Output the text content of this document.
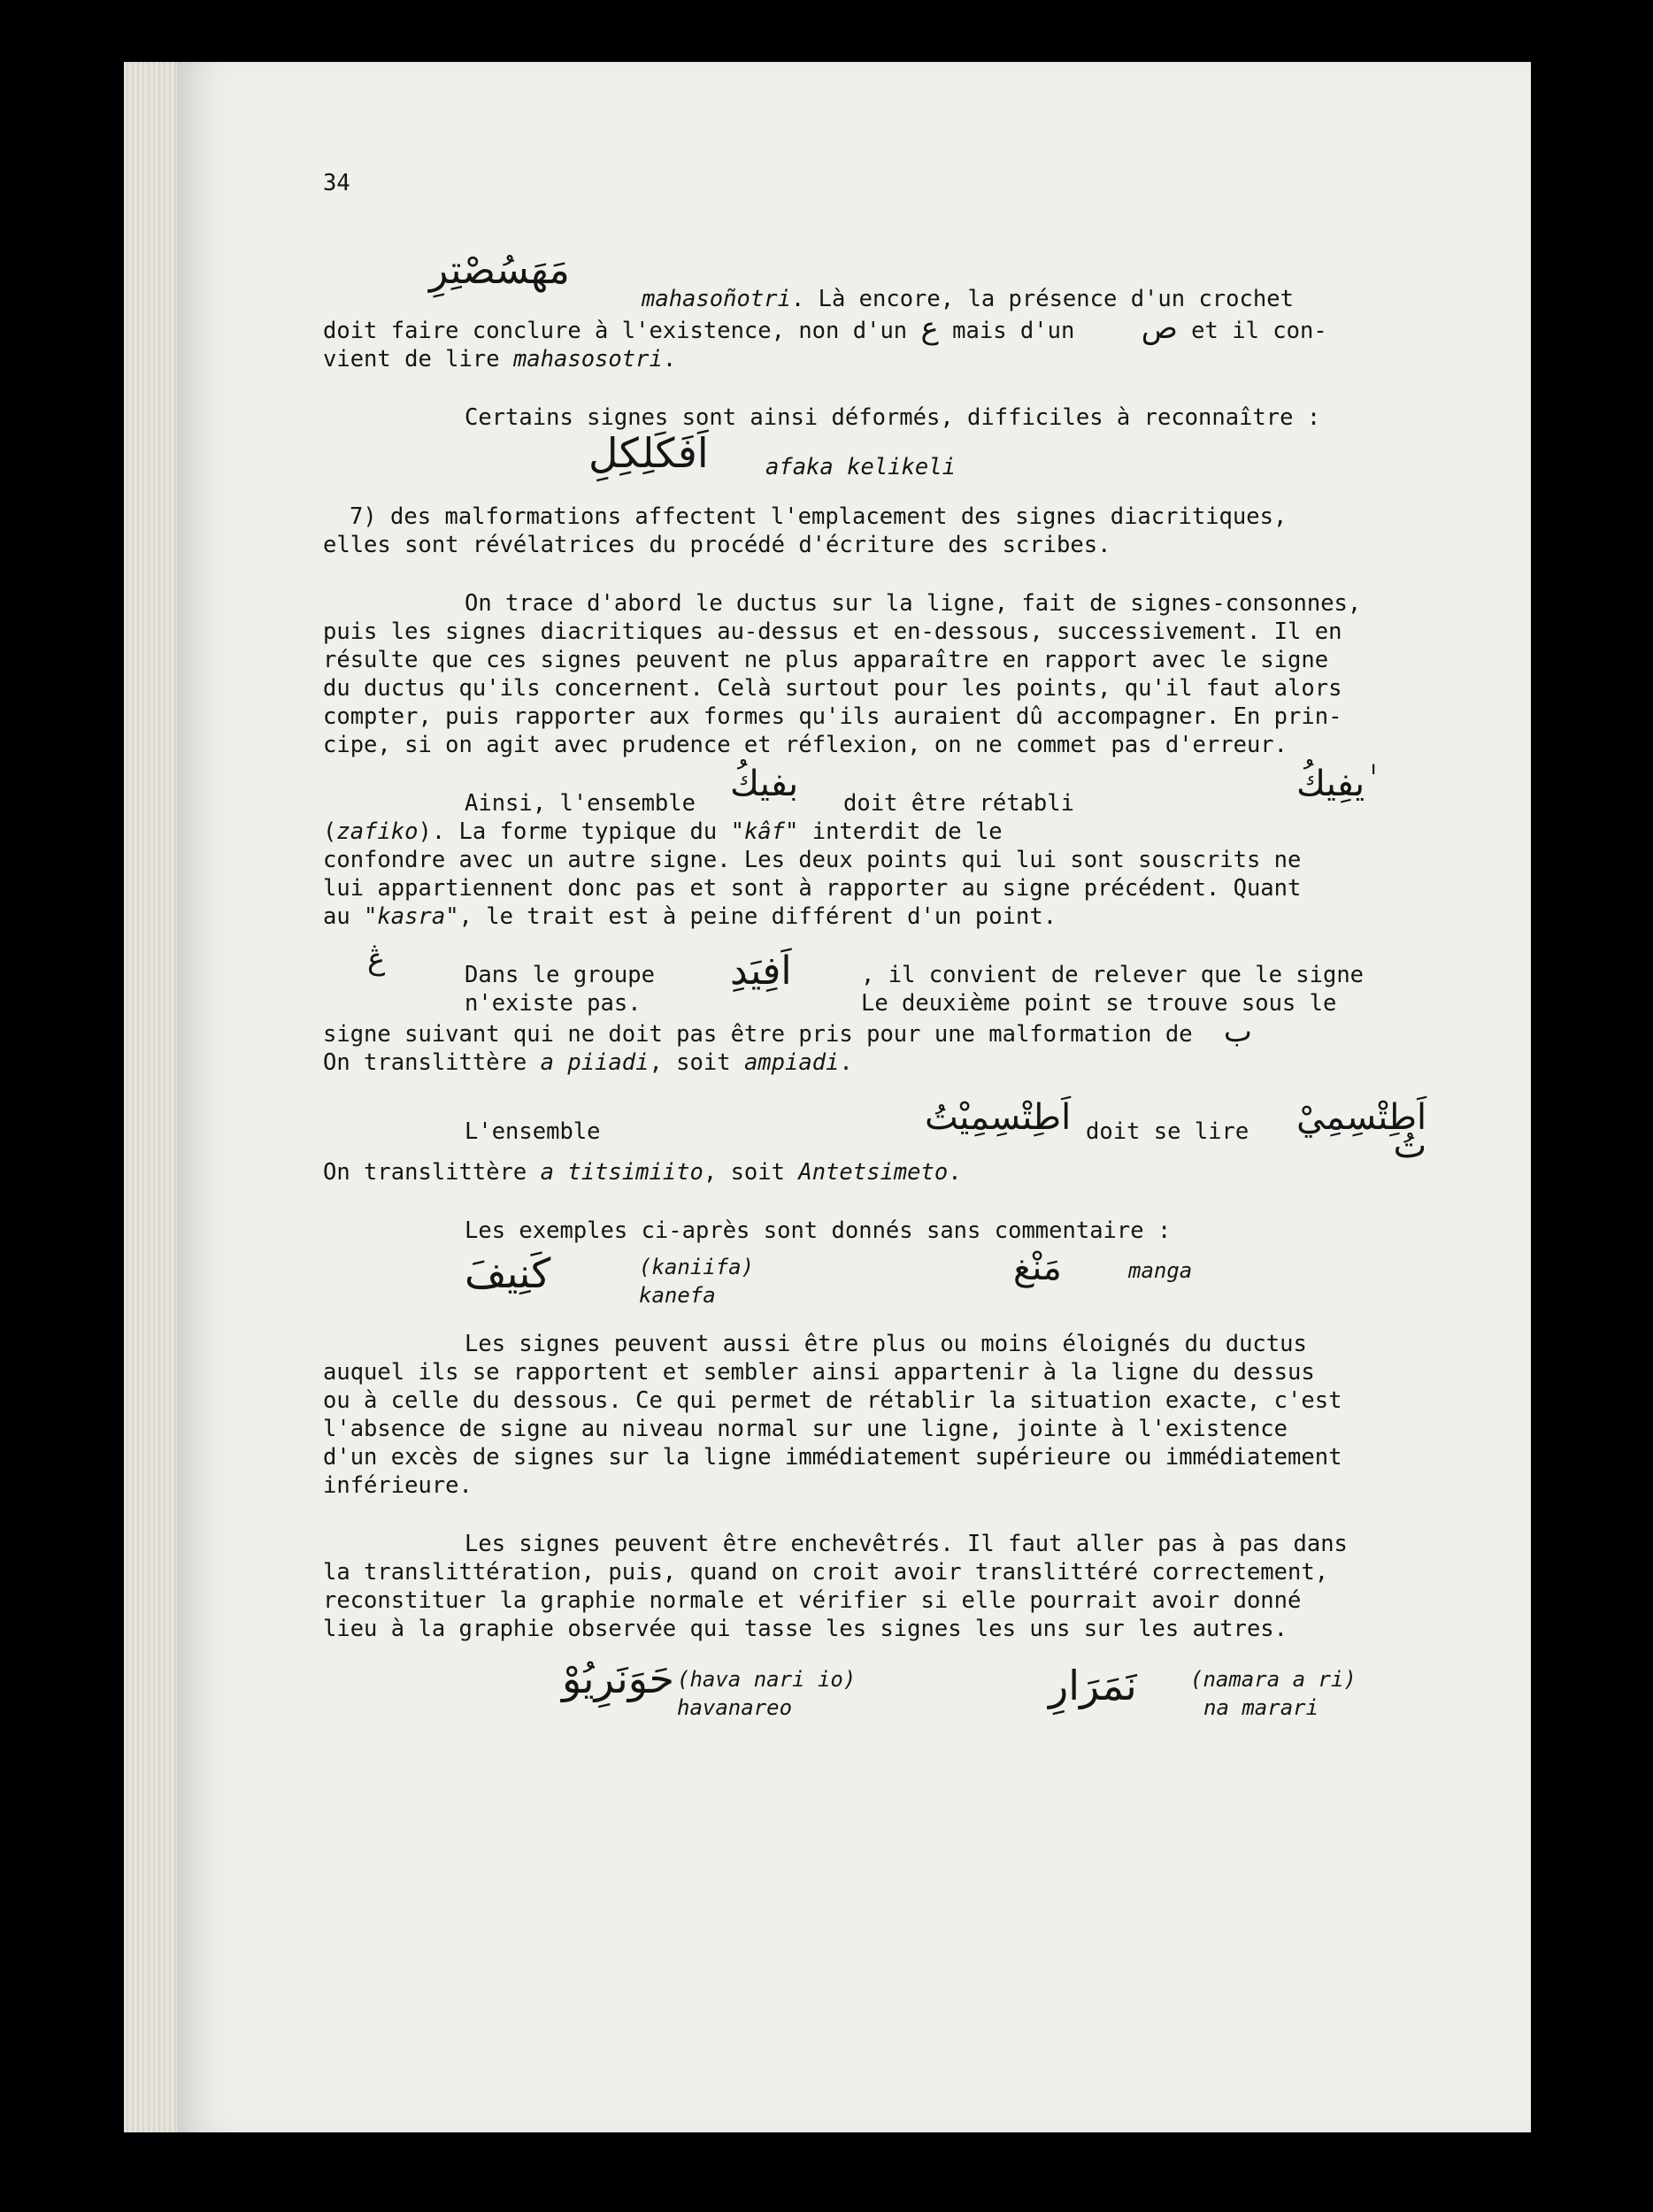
34
مَهَسُصْتِرِ

mahasoñotri. Là encore, la présence d'un crochet

doit faire conclure à l'existence, non d'un ع mais d'un ص et il con-

vient de lire mahasosotri.

Certains signes sont ainsi déformés, difficiles à reconnaître :

اَفَكَلِكِلِ	afaka kelikeli

7) des malformations affectent l'emplacement des signes diacritiques,

elles sont révélatrices du procédé d'écriture des scribes.

On trace d'abord le ductus sur la ligne, fait de signes-consonnes,

puis les signes diacritiques au-dessus et en-dessous, successivement. Il en

résulte que ces signes peuvent ne plus apparaître en rapport avec le signe

du ductus qu'ils concernent. Celà surtout pour les points, qu'il faut alors

compter, puis rapporter aux formes qu'ils auraient dû accompagner. En prin-

cipe, si on agit avec prudence et réflexion, on ne commet pas d'erreur.

Ainsi, l'ensemble بفيكُ doit être rétabli	ٰيفِيكُ

(zafiko). La forme typique du "kâf" interdit de le

confondre avec un autre signe. Les deux points qui lui sont souscrits ne

lui appartiennent donc pas et sont à rapporter au signe précédent. Quant

au "kasra", le trait est à peine différent d'un point.

Dans le groupe اَفِيَدِ	, il convient de relever que le signe
ڠ
n'existe pas.	Le deuxième point se trouve sous le

signe suivant qui ne doit pas être pris pour une malformation de ب

On translittère a piiadi, soit ampiadi.

L'ensemble	اَطِتْسِمِيْتُ doit se lire اَطِتْسِمِيْ تُ

On translittère a titsimiito, soit Antetsimeto.

Les exemples ci-après sont donnés sans commentaire :

كَنِيفَ	(kaniifa)
kanefa
مَنْغ	manga

Les signes peuvent aussi être plus ou moins éloignés du ductus

auquel ils se rapportent et sembler ainsi appartenir à la ligne du dessus

ou à celle du dessous. Ce qui permet de rétablir la situation exacte, c'est

l'absence de signe au niveau normal sur une ligne, jointe à l'existence

d'un excès de signes sur la ligne immédiatement supérieure ou immédiatement

inférieure.

Les signes peuvent être enchevêtrés. Il faut aller pas à pas dans

la translittération, puis, quand on croit avoir translittéré correctement,

reconstituer la graphie normale et vérifier si elle pourrait avoir donné

lieu à la graphie observée qui tasse les signes les uns sur les autres.

حَوَنَرِيُوْ (hava nari io)
havanareo	نَمَرَارِ	(namara a ri)
na marari
